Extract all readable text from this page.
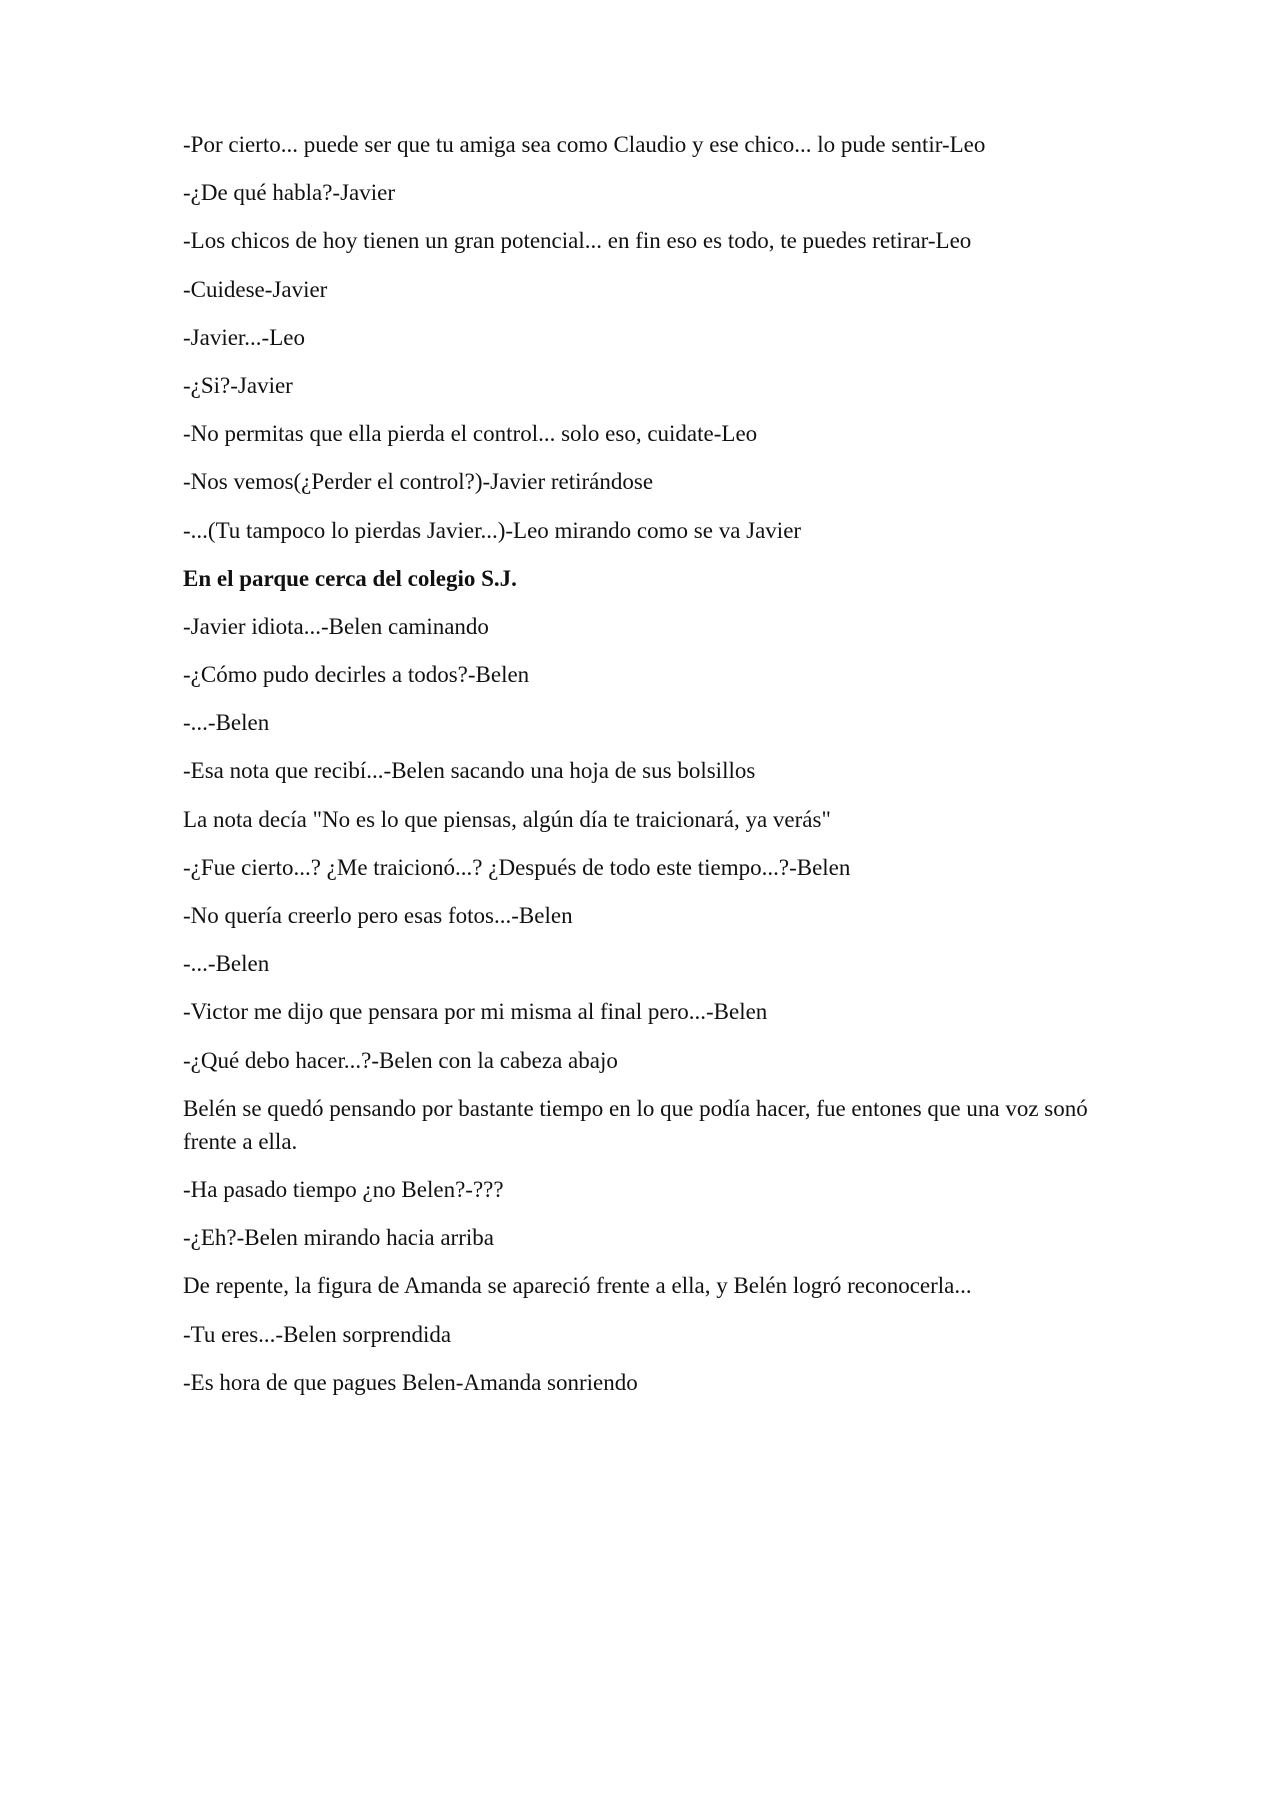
-Por cierto... puede ser que tu amiga sea como Claudio y ese chico... lo pude sentir-Leo

-¿De qué habla?-Javier

-Los chicos de hoy tienen un gran potencial... en fin eso es todo, te puedes retirar-Leo

-Cuidese-Javier

-Javier...-Leo

-¿Si?-Javier

-No permitas que ella pierda el control... solo eso, cuidate-Leo

-Nos vemos(¿Perder el control?)-Javier retirándose

-...(Tu tampoco lo pierdas Javier...)-Leo mirando como se va Javier

En el parque cerca del colegio S.J.

-Javier idiota...-Belen caminando

-¿Cómo pudo decirles a todos?-Belen

-...-Belen

-Esa nota que recibí...-Belen sacando una hoja de sus bolsillos

La nota decía "No es lo que piensas, algún día te traicionará, ya verás"

-¿Fue cierto...? ¿Me traicionó...? ¿Después de todo este tiempo...?-Belen

-No quería creerlo pero esas fotos...-Belen

-...-Belen

-Victor me dijo que pensara por mi misma al final pero...-Belen

-¿Qué debo hacer...?-Belen con la cabeza abajo

Belén se quedó pensando por bastante tiempo en lo que podía hacer, fue entones que una voz sonó frente a ella.

-Ha pasado tiempo ¿no Belen?-???

-¿Eh?-Belen mirando hacia arriba

De repente, la figura de Amanda se apareció frente a ella, y Belén logró reconocerla...

-Tu eres...-Belen sorprendida

-Es hora de que pagues Belen-Amanda sonriendo
